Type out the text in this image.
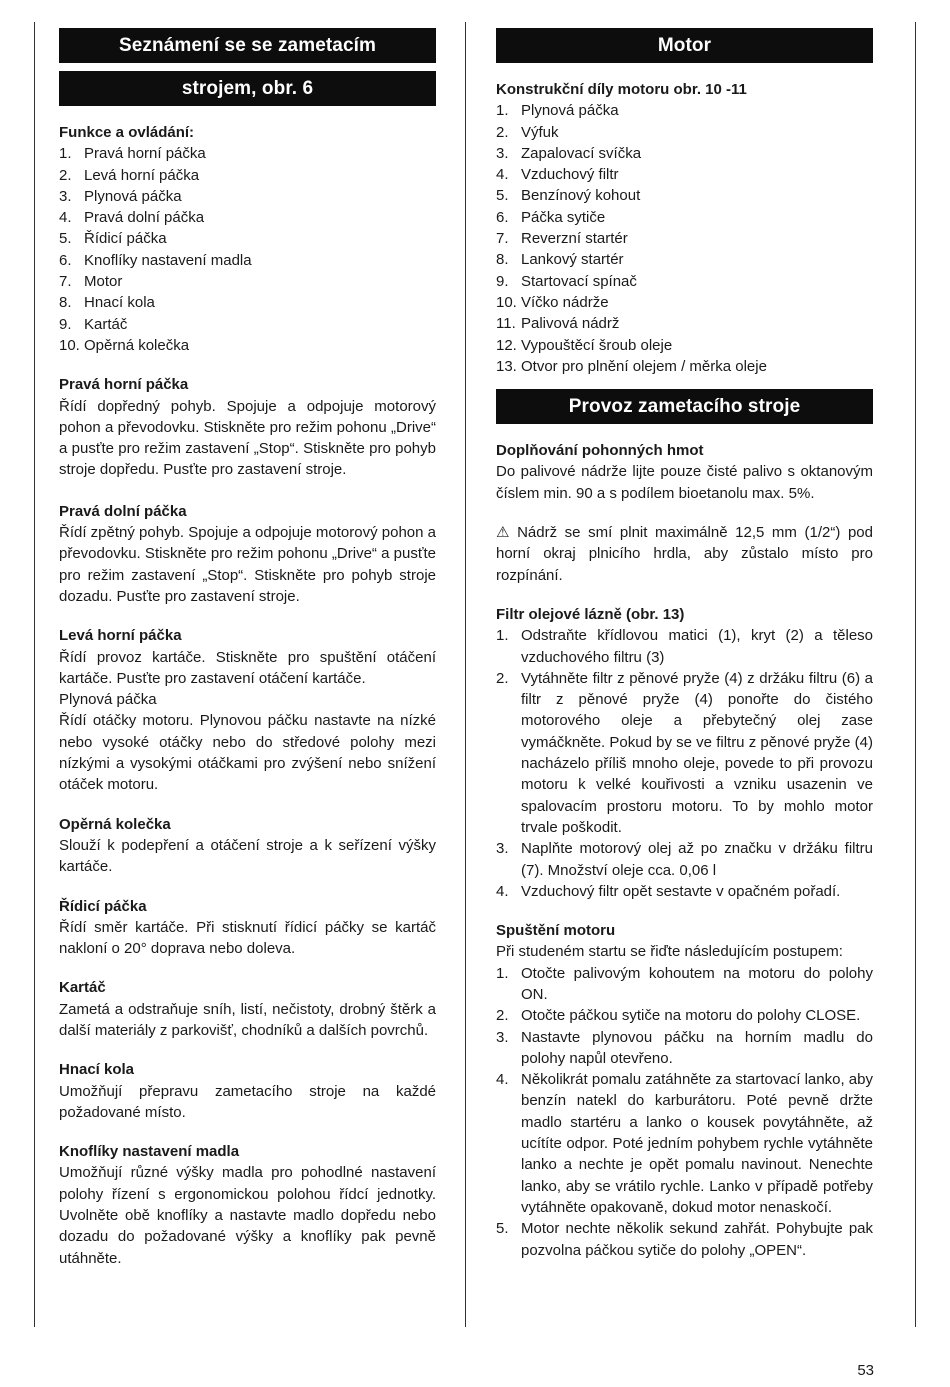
Seznámení se se zametacím
strojem, obr. 6
Funkce a ovládání:
1. Pravá horní páčka
2. Levá horní páčka
3. Plynová páčka
4. Pravá dolní páčka
5. Řídicí páčka
6. Knoflíky nastavení madla
7. Motor
8. Hnací kola
9. Kartáč
10. Opěrná kolečka
Pravá horní páčka

Řídí dopředný pohyb. Spojuje a odpojuje motorový pohon a převodovku. Stiskněte pro režim pohonu „Drive“ a pusťte pro režim zastavení „Stop“. Stiskněte pro pohyb stroje dopředu. Pusťte pro zastavení stroje.

Pravá dolní páčka

Řídí zpětný pohyb. Spojuje a odpojuje motorový pohon a převodovku. Stiskněte pro režim pohonu „Drive“ a pusťte pro režim zastavení „Stop“. Stiskněte pro pohyb stroje dozadu. Pusťte pro zastavení stroje.

Levá horní páčka

Řídí provoz kartáče. Stiskněte pro spuštění otáčení kartáče. Pusťte pro zastavení otáčení kartáče.

Plynová páčka

Řídí otáčky motoru. Plynovou páčku nastavte na nízké nebo vysoké otáčky nebo do středové polohy mezi nízkými a vysokými otáčkami pro zvýšení nebo snížení otáček motoru.

Opěrná kolečka

Slouží k podepření a otáčení stroje a k seřízení výšky kartáče.

Řídicí páčka

Řídí směr kartáče. Při stisknutí řídicí páčky se kartáč nakloní o 20° doprava nebo doleva.

Kartáč

Zametá a odstraňuje sníh, listí, nečistoty, drobný štěrk a další materiály z parkovišť, chodníků a dalších povrchů.

Hnací kola

Umožňují přepravu zametacího stroje na každé požadované místo.

Knoflíky nastavení madla

Umožňují různé výšky madla pro pohodlné nastavení polohy řízení s ergonomickou polohou řídcí jednotky. Uvolněte obě knoflíky a nastavte madlo dopředu nebo dozadu do požadované výšky a knoflíky pak pevně utáhněte.

Motor
Konstrukční díly motoru obr. 10 -11
1. Plynová páčka
2. Výfuk
3. Zapalovací svíčka
4. Vzduchový filtr
5. Benzínový kohout
6. Páčka sytiče
7. Reverzní startér
8. Lankový startér
9. Startovací spínač
10. Víčko nádrže
11. Palivová nádrž
12. Vypouštěcí šroub oleje
13. Otvor pro plnění olejem / měrka oleje
Provoz zametacího stroje
Doplňování pohonných hmot

Do palivové nádrže lijte pouze čisté palivo s oktanovým číslem min. 90 a s podílem bioetanolu max. 5%.

⚠ Nádrž se smí plnit maximálně 12,5 mm (1/2“) pod horní okraj plnicího hrdla, aby zůstalo místo pro rozpínání.

Filtr olejové lázně (obr. 13)
1. Odstraňte křídlovou matici (1), kryt (2) a těleso vzduchového filtru (3)
2. Vytáhněte filtr z pěnové pryže (4) z držáku filtru (6) a filtr z pěnové pryže (4) ponořte do čistého motorového oleje a přebytečný olej zase vymáčkněte. Pokud by se ve filtru z pěnové pryže (4) nacházelo příliš mnoho oleje, povede to při provozu motoru k velké kouřivosti a vzniku usazenin ve spalovacím prostoru motoru. To by mohlo motor trvale poškodit.
3. Naplňte motorový olej až po značku v držáku filtru (7). Množství oleje cca. 0,06 l
4. Vzduchový filtr opět sestavte v opačném pořadí.
Spuštění motoru

Při studeném startu se řiďte následujícím postupem:

1. Otočte palivovým kohoutem na motoru do polohy ON.
2. Otočte páčkou sytiče na motoru do polohy CLOSE.
3. Nastavte plynovou páčku na horním madlu do polohy napůl otevřeno.
4. Několikrát pomalu zatáhněte za startovací lanko, aby benzín natekl do karburátoru. Poté pevně držte madlo startéru a lanko o kousek povytáhněte, až ucítíte odpor. Poté jedním pohybem rychle vytáhněte lanko a nechte je opět pomalu navinout. Nenechte lanko, aby se vrátilo rychle. Lanko v případě potřeby vytáhněte opakovaně, dokud motor nenaskočí.
5. Motor nechte několik sekund zahřát. Pohybujte pak pozvolna páčkou sytiče do polohy „OPEN“.
53
